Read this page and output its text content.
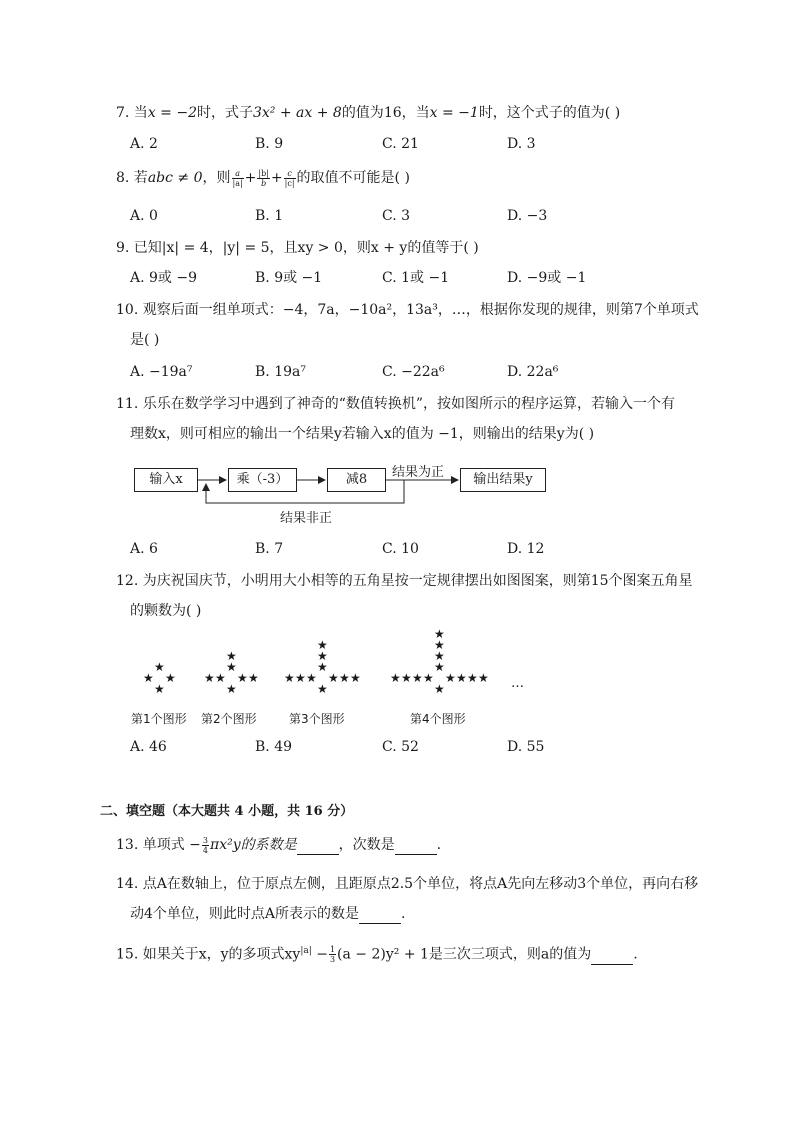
7. 当x = −2时，式子3x² + ax + 8的值为16，当x = −1时，这个式子的值为( )
A. 2	B. 9	C. 21	D. 3
8. 若abc ≠ 0，则 $\frac{a}{|a|} + \frac{|b|}{b} + \frac{c}{|c|}$ 的取值不可能是( )
A. 0	B. 1	C. 3	D. −3
9. 已知|x| = 4，|y| = 5，且xy > 0，则x + y的值等于( )
A. 9或 −9	B. 9或 −1	C. 1或 −1	D. −9或 −1
10. 观察后面一组单项式：−4，7a，−10a²，13a³，…，根据你发现的规律，则第7个单项式
是( )
A. −19a⁷	B. 19a⁷	C. −22a⁶	D. 22a⁶
11. 乐乐在数学学习中遇到了神奇的“数值转换机”，按如图所示的程序运算，若输入一个有
理数x，则可相应的输出一个结果y若输入x的值为 −1，则输出的结果y为( )
输入x	乘（-3）	减8	输出结果y
结果为正
结果非正
A. 6	B. 7	C. 10	D. 12
12. 为庆祝国庆节，小明用大小相等的五角星按一定规律摆出如图图案，则第15个图案五角星
的颗数为( )
★ ★
★
★
★ ★
★
★	★
★
★
★ ★
★
★	★
★
★	★
★
★
★ ★
★
★	★
★
★	★
★
★	★
★
★	…
第1个图形 第2个图形	第3个图形	第4个图形
A. 46	B. 49	C. 52	D. 55
二、填空题（本大题共 4 小题，共 16 分）
13. 单项式 − $\frac{3}{4} \pi x^2y$的系数是	，次数是	.
14. 点A在数轴上，位于原点左侧，且距原点2.5个单位，将点A先向左移动3个单位，再向右移
动4个单位，则此时点A所表示的数是	.
15. 如果关于x，y的多项式$xy^{|a|} - \frac{1}{3} (a - 2)y^2 + 1$是三次三项式，则a的值为	.
